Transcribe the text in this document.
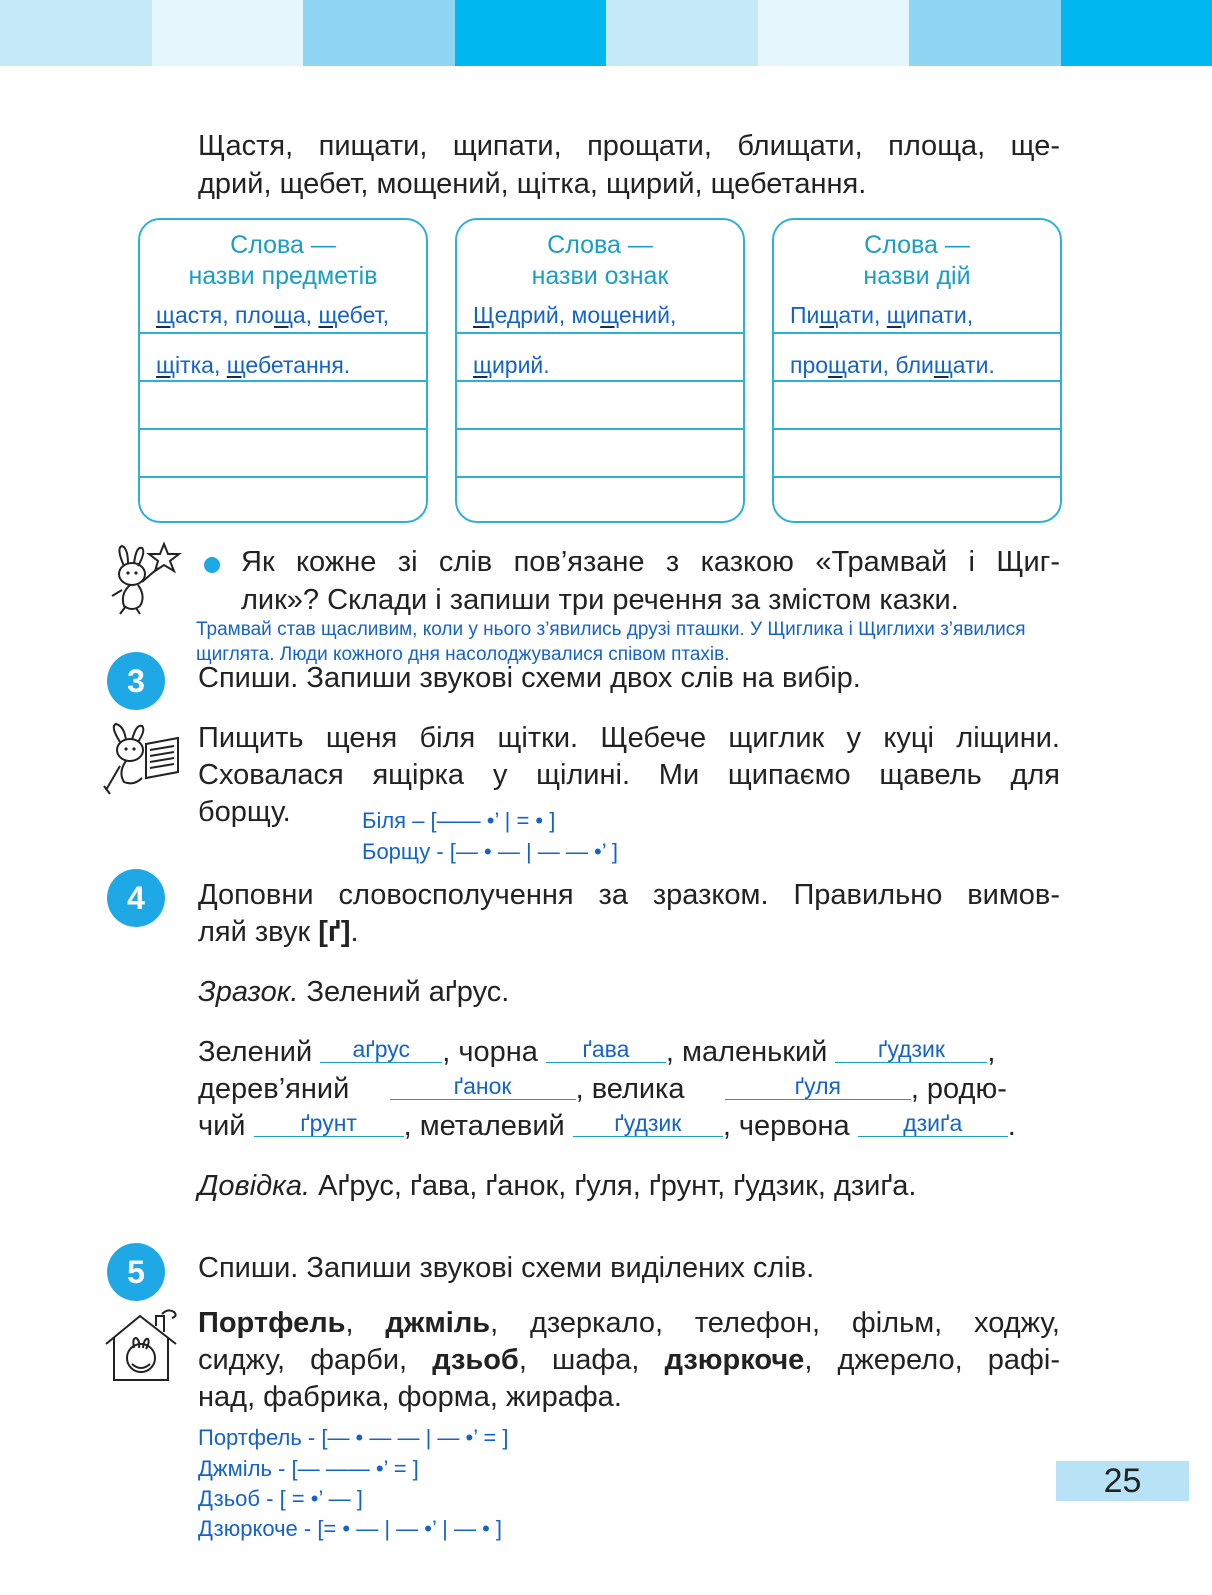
Щастя, пищати, щипати, прощати, блищати, площа, ще-
дрий, щебет, мощений, щітка, щирий, щебетання.
Слова —
назви предметів
щастя, площа, щебет,
щітка, щебетання.
Слова —
назви ознак
Щедрий, мощений,
щирий.
Слова —
назви дій
Пищати, щипати,
прощати, блищати.
Як кожне зі слів пов’язане з казкою «Трамвай і Щиг-
лик»? Склади і запиши три речення за змістом казки.
Трамвай став щасливим, коли у нього з’явились друзі пташки. У Щиглика і Щиглихи з’явилися
щиглята. Люди кожного дня насолоджувалися співом птахів.
3	Спиши. Запиши звукові схеми двох слів на вибір.
Пищить щеня біля щітки. Щебече щиглик у куці ліщини.
Сховалася ящірка у щілині. Ми щипаємо щавель для
борщу.	Біля – [—— •’ | = • ]
Борщу - [— • — | — — •’ ]
4	Доповни словосполучення за зразком. Правильно вимов-
ляй звук [ґ].
Зразок. Зелений аґрус.
Зелений аґрус , чорна ґава , маленький ґудзик ,
дерев’яний	ґанок , велика	ґуля , родю-
чий ґрунт , металевий ґудзик , червона дзиґа .
Довідка. Аґрус, ґава, ґанок, ґуля, ґрунт, ґудзик, дзиґа.
5	Спиши. Запиши звукові схеми виділених слів.
Портфель, джміль, дзеркало, телефон, фільм, ходжу,
сиджу, фарби, дзьоб, шафа, дзюркоче, джерело, рафі-
над, фабрика, форма, жирафа.
Портфель - [— • — — | — •’ = ]
Джміль - [— —— •’ = ]
Дзьоб - [ = •’ — ]
Дзюркоче - [= • — | — •’ | — • ]
25
